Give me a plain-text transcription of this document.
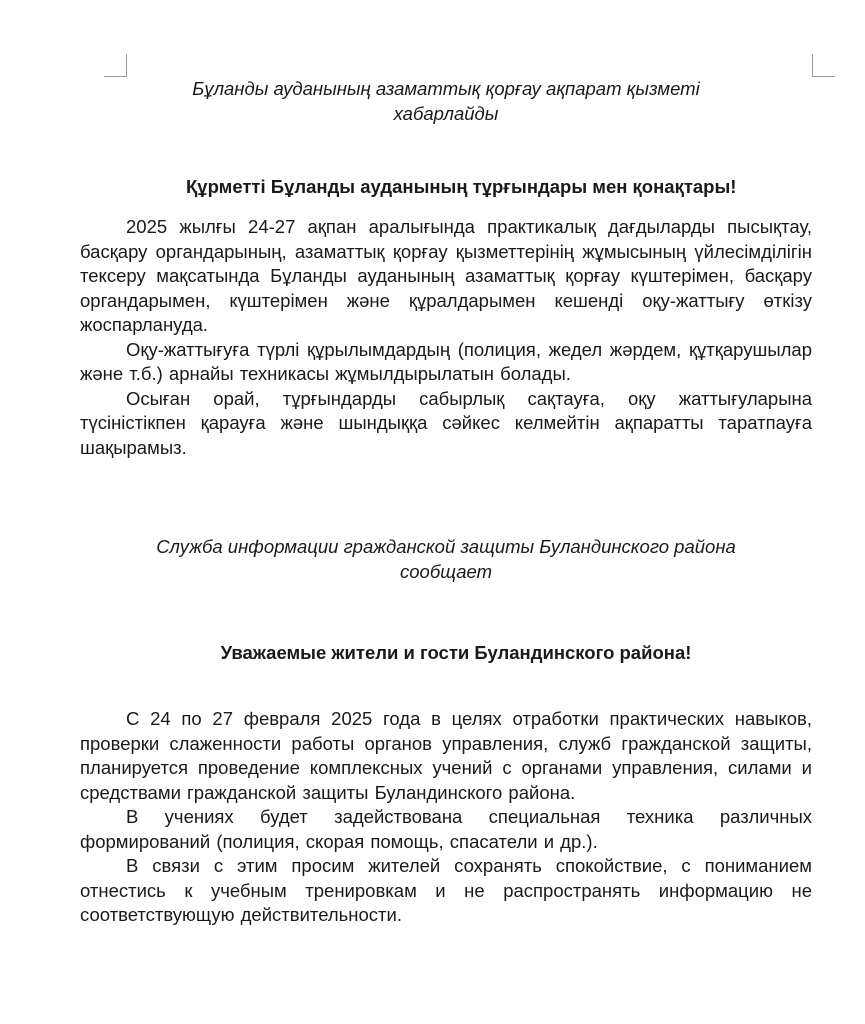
Бұланды ауданының азаматтық қорғау ақпарат қызметі
хабарлайды

Құрметті Бұланды ауданының тұрғындары мен қонақтары!

2025 жылғы 24-27 ақпан аралығында практикалық дағдыларды пысықтау, басқару органдарының, азаматтық қорғау қызметтерінің жұмысының үйлесімділігін тексеру мақсатында Бұланды ауданының азаматтық қорғау күштерімен, басқару органдарымен, күштерімен және құралдарымен кешенді оқу-жаттығу өткізу жоспарлануда.

Оқу-жаттығуға түрлі құрылымдардың (полиция, жедел жәрдем, құтқарушылар және т.б.) арнайы техникасы жұмылдырылатын болады.

Осыған орай, тұрғындарды сабырлық сақтауға, оқу жаттығуларына түсіністікпен қарауға және шындыққа сәйкес келмейтін ақпаратты таратпауға шақырамыз.

Служба информации гражданской защиты Буландинского района
сообщает

Уважаемые жители и гости Буландинского района!

С 24 по 27 февраля 2025 года в целях отработки практических навыков, проверки слаженности работы органов управления, служб гражданской защиты, планируется проведение комплексных учений с органами управления, силами и средствами гражданской защиты Буландинского района.

В учениях будет задействована специальная техника различных формирований (полиция, скорая помощь, спасатели и др.).

В связи с этим просим жителей сохранять спокойствие, с пониманием отнестись к учебным тренировкам и не распространять информацию не соответствующую действительности.
